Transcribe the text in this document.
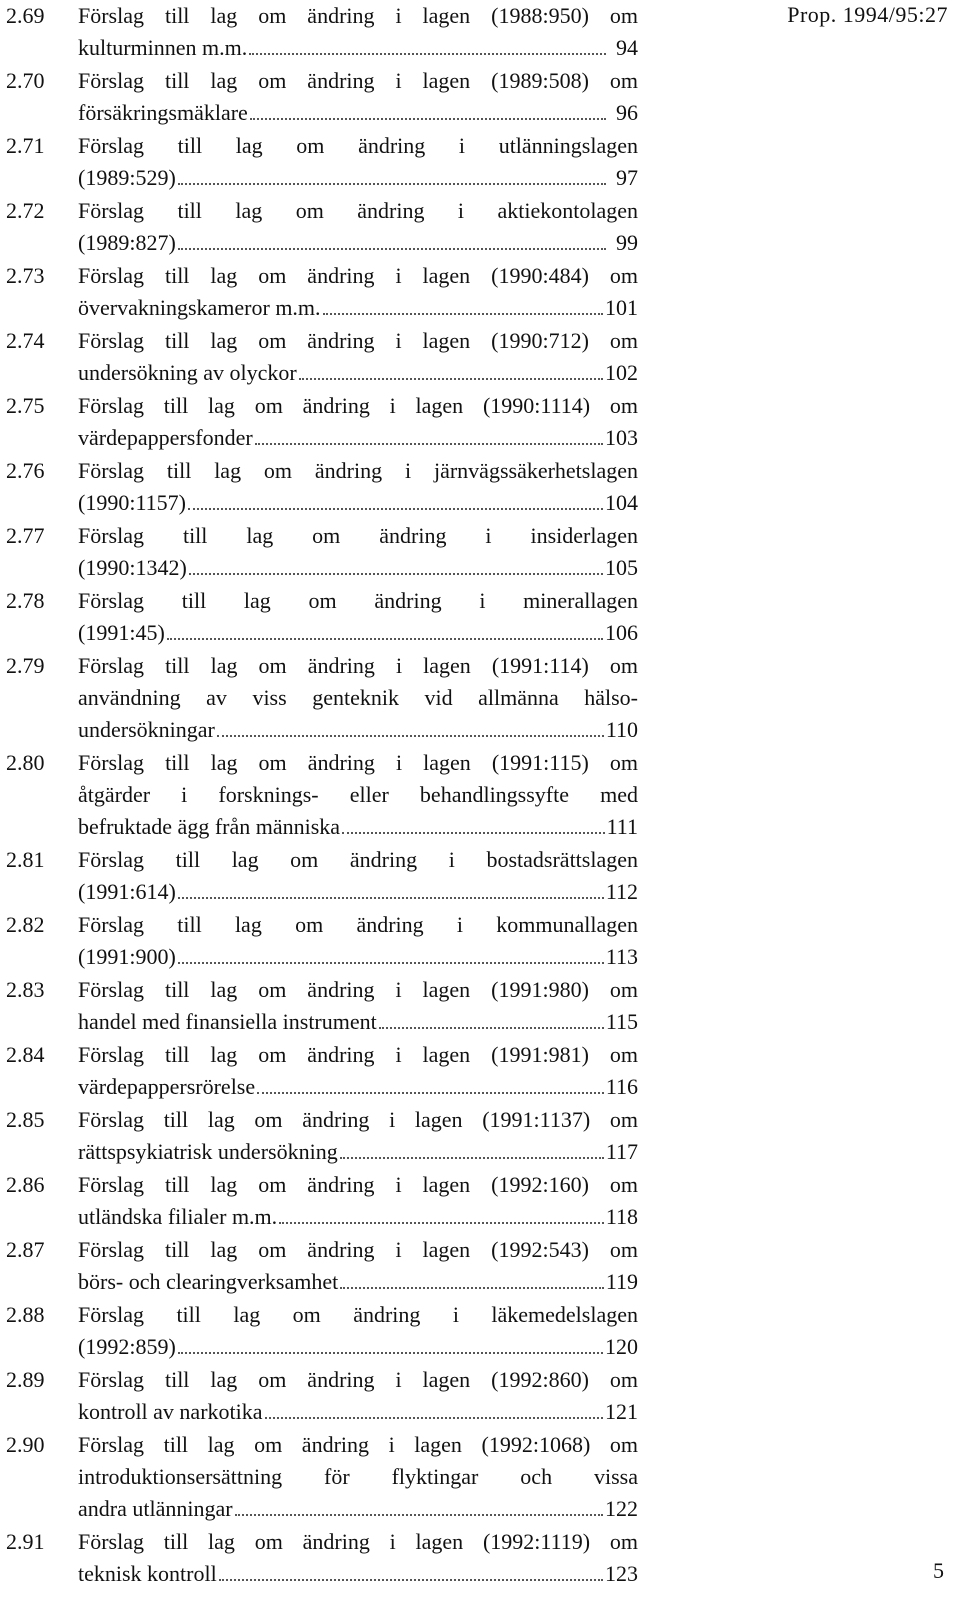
Prop. 1994/95:27
2.69	Förslag till lag om ändring i lagen (1988:950) om
kulturminnen m.m.	94
2.70	Förslag till lag om ändring i lagen (1989:508) om
försäkringsmäklare	96
2.71	Förslag till lag om ändring i utlänningslagen
(1989:529)	97
2.72	Förslag till lag om ändring i aktiekontolagen
(1989:827)	99
2.73	Förslag till lag om ändring i lagen (1990:484) om
övervakningskameror m.m.	101
2.74	Förslag till lag om ändring i lagen (1990:712) om
undersökning av olyckor	102
2.75	Förslag till lag om ändring i lagen (1990:1114) om
värdepappersfonder	103
2.76	Förslag till lag om ändring i järnvägssäkerhetslagen
(1990:1157)	104
2.77	Förslag till lag om ändring i insiderlagen
(1990:1342)	105
2.78	Förslag till lag om ändring i minerallagen
(1991:45)	106
2.79	Förslag till lag om ändring i lagen (1991:114) om
användning av viss genteknik vid allmänna hälso-
undersökningar	110
2.80	Förslag till lag om ändring i lagen (1991:115) om
åtgärder i forsknings- eller behandlingssyfte med
befruktade ägg från människa	111
2.81	Förslag till lag om ändring i bostadsrättslagen
(1991:614)	112
2.82	Förslag till lag om ändring i kommunallagen
(1991:900)	113
2.83	Förslag till lag om ändring i lagen (1991:980) om
handel med finansiella instrument	115
2.84	Förslag till lag om ändring i lagen (1991:981) om
värdepappersrörelse	116
2.85	Förslag till lag om ändring i lagen (1991:1137) om
rättspsykiatrisk undersökning	117
2.86	Förslag till lag om ändring i lagen (1992:160) om
utländska filialer m.m.	118
2.87	Förslag till lag om ändring i lagen (1992:543) om
börs- och clearingverksamhet	119
2.88	Förslag till lag om ändring i läkemedelslagen
(1992:859)	120
2.89	Förslag till lag om ändring i lagen (1992:860) om
kontroll av narkotika	121
2.90	Förslag till lag om ändring i lagen (1992:1068) om
introduktionsersättning för flyktingar och vissa
andra utlänningar	122
2.91	Förslag till lag om ändring i lagen (1992:1119) om
teknisk kontroll	123	5
